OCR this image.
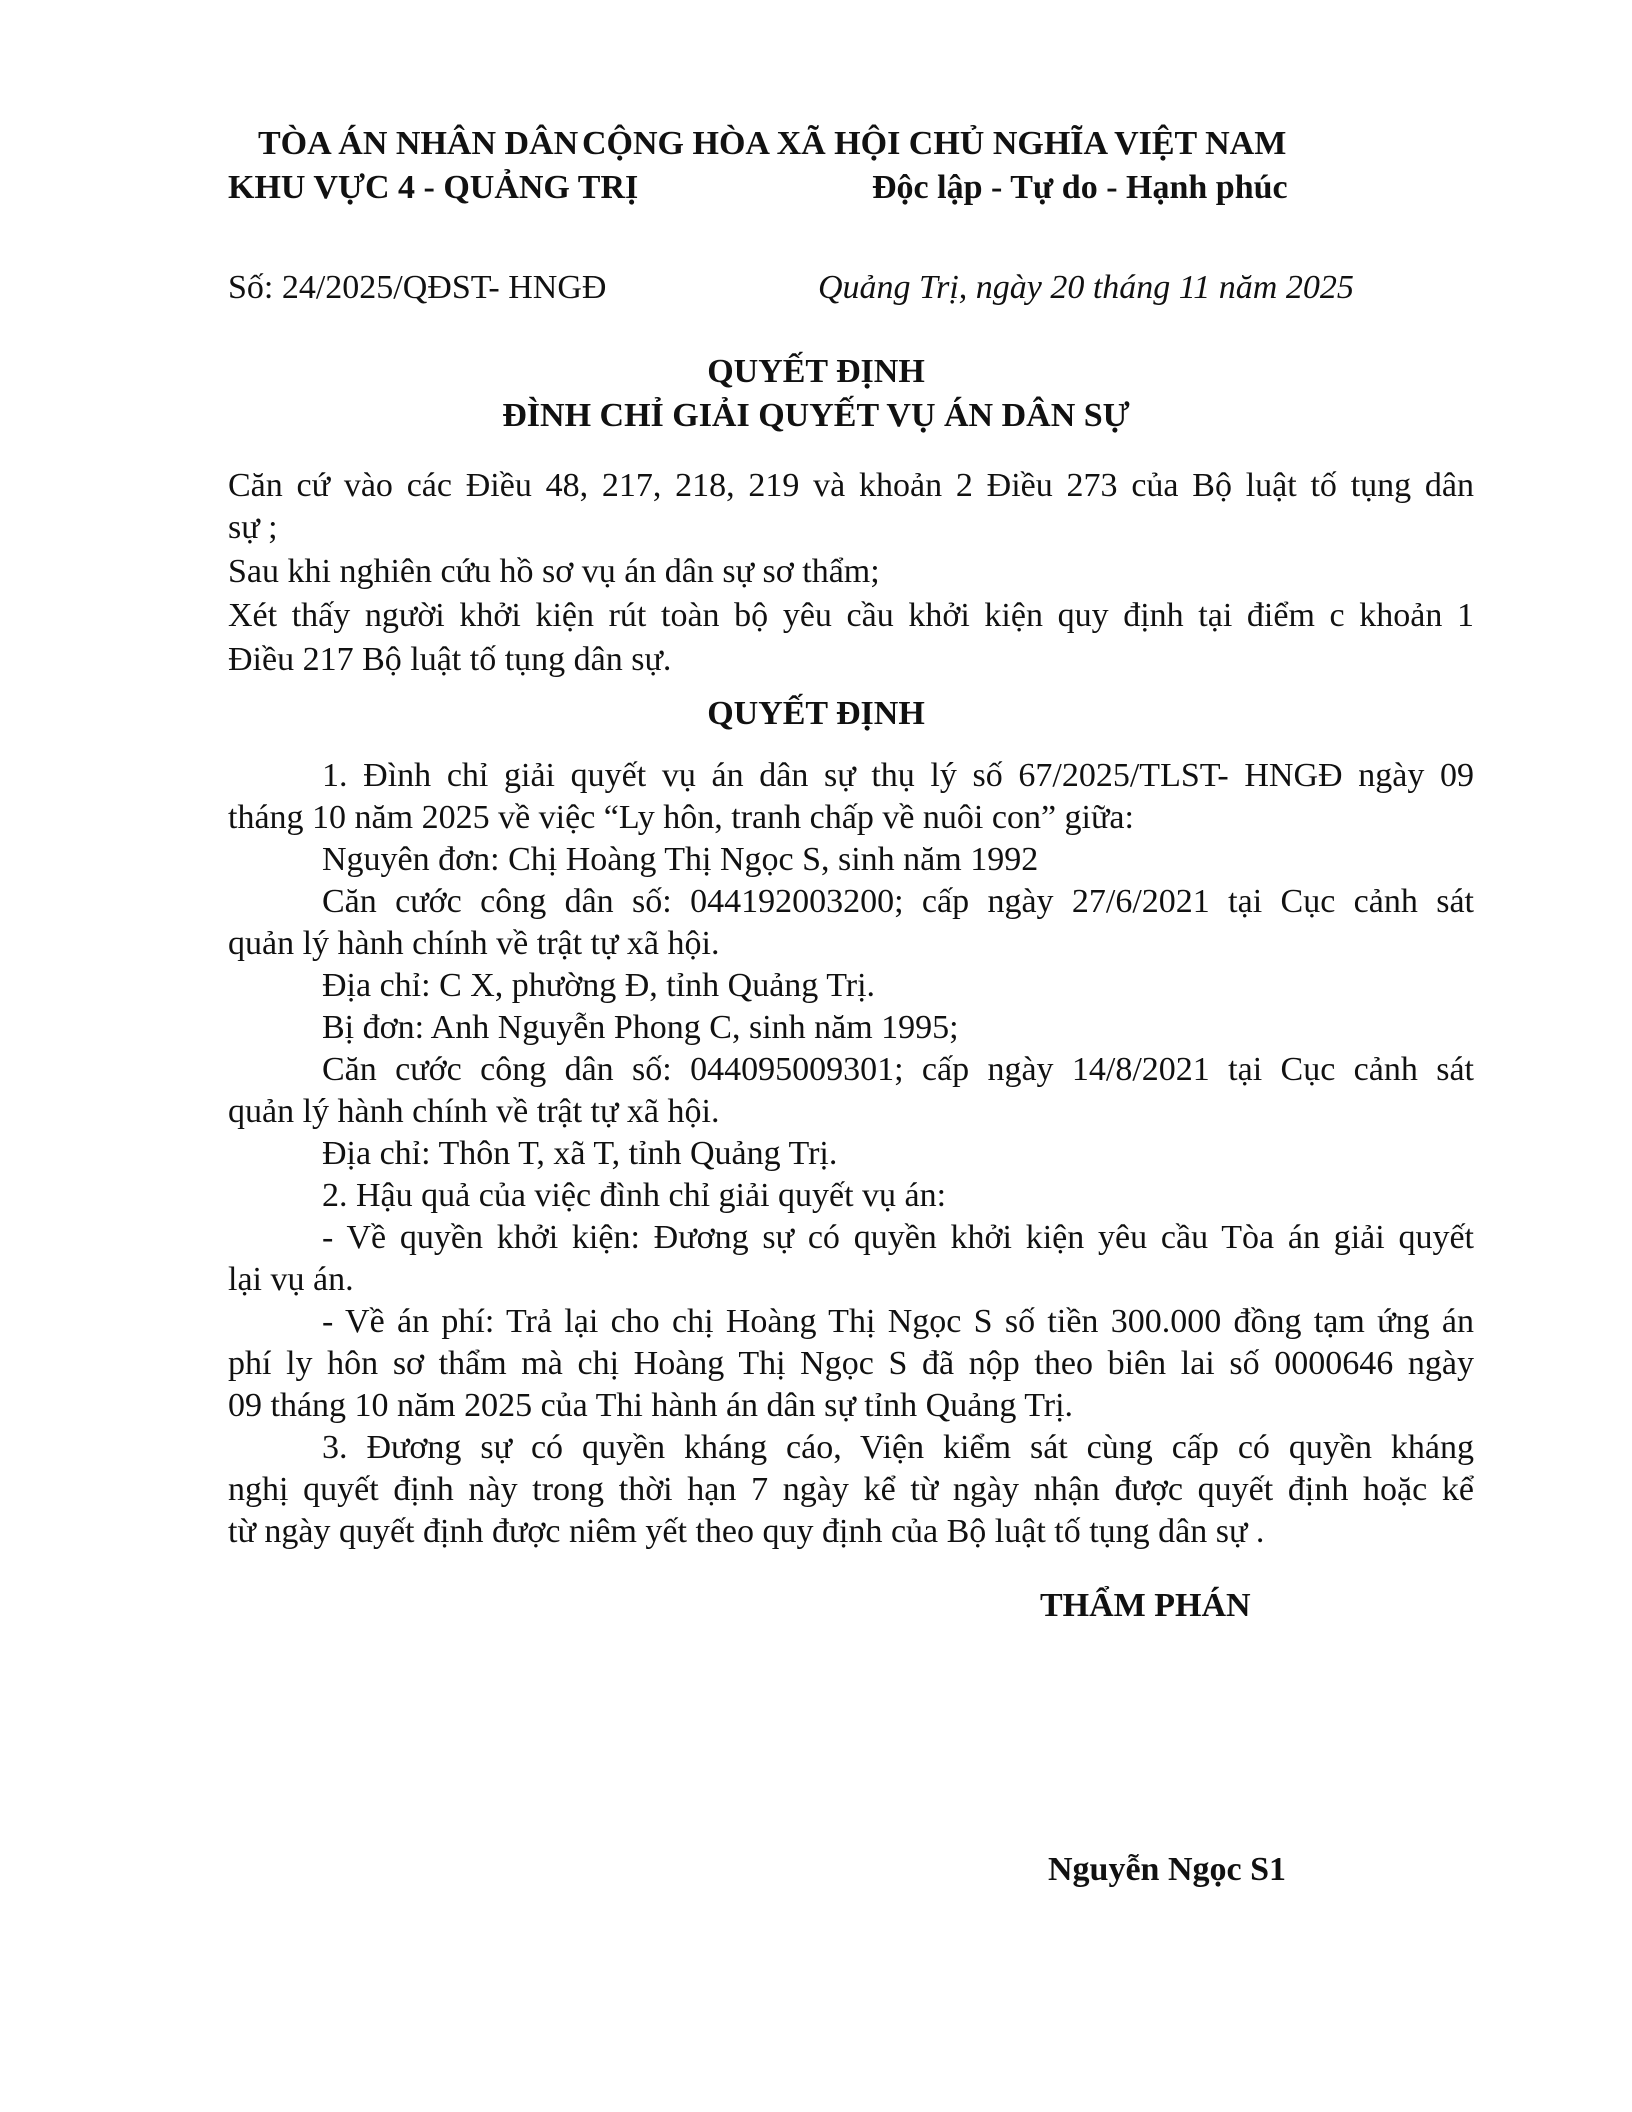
TÒA ÁN NHÂN DÂN
KHU VỰC 4 - QUẢNG TRỊ
CỘNG HÒA XÃ HỘI CHỦ NGHĨA VIỆT NAM
Độc lập - Tự do - Hạnh phúc
Số: 24/2025/QĐST- HNGĐ	Quảng Trị, ngày 20 tháng 11 năm 2025
QUYẾT ĐỊNH
ĐÌNH CHỈ GIẢI QUYẾT VỤ ÁN DÂN SỰ
Căn cứ vào các Điều 48, 217, 218, 219 và khoản 2 Điều 273 của Bộ luật tố tụng dân
sự ;
Sau khi nghiên cứu hồ sơ vụ án dân sự sơ thẩm;
Xét thấy người khởi kiện rút toàn bộ yêu cầu khởi kiện quy định tại điểm c khoản 1
Điều 217 Bộ luật tố tụng dân sự.
QUYẾT ĐỊNH
1. Đình chỉ giải quyết vụ án dân sự thụ lý số 67/2025/TLST- HNGĐ ngày 09
tháng 10 năm 2025 về việc “Ly hôn, tranh chấp về nuôi con” giữa:
Nguyên đơn: Chị Hoàng Thị Ngọc S, sinh năm 1992
Căn cước công dân số: 044192003200; cấp ngày 27/6/2021 tại Cục cảnh sát
quản lý hành chính về trật tự xã hội.
Địa chỉ: C X, phường Đ, tỉnh Quảng Trị.
Bị đơn: Anh Nguyễn Phong C, sinh năm 1995;
Căn cước công dân số: 044095009301; cấp ngày 14/8/2021 tại Cục cảnh sát
quản lý hành chính về trật tự xã hội.
Địa chỉ: Thôn T, xã T, tỉnh Quảng Trị.
2. Hậu quả của việc đình chỉ giải quyết vụ án:
- Về quyền khởi kiện: Đương sự có quyền khởi kiện yêu cầu Tòa án giải quyết
lại vụ án.
- Về án phí: Trả lại cho chị Hoàng Thị Ngọc S số tiền 300.000 đồng tạm ứng án
phí ly hôn sơ thẩm mà chị Hoàng Thị Ngọc S đã nộp theo biên lai số 0000646 ngày
09 tháng 10 năm 2025 của Thi hành án dân sự tỉnh Quảng Trị.
3. Đương sự có quyền kháng cáo, Viện kiểm sát cùng cấp có quyền kháng
nghị quyết định này trong thời hạn 7 ngày kể từ ngày nhận được quyết định hoặc kể
từ ngày quyết định được niêm yết theo quy định của Bộ luật tố tụng dân sự .
THẨM PHÁN
Nguyễn Ngọc S1
